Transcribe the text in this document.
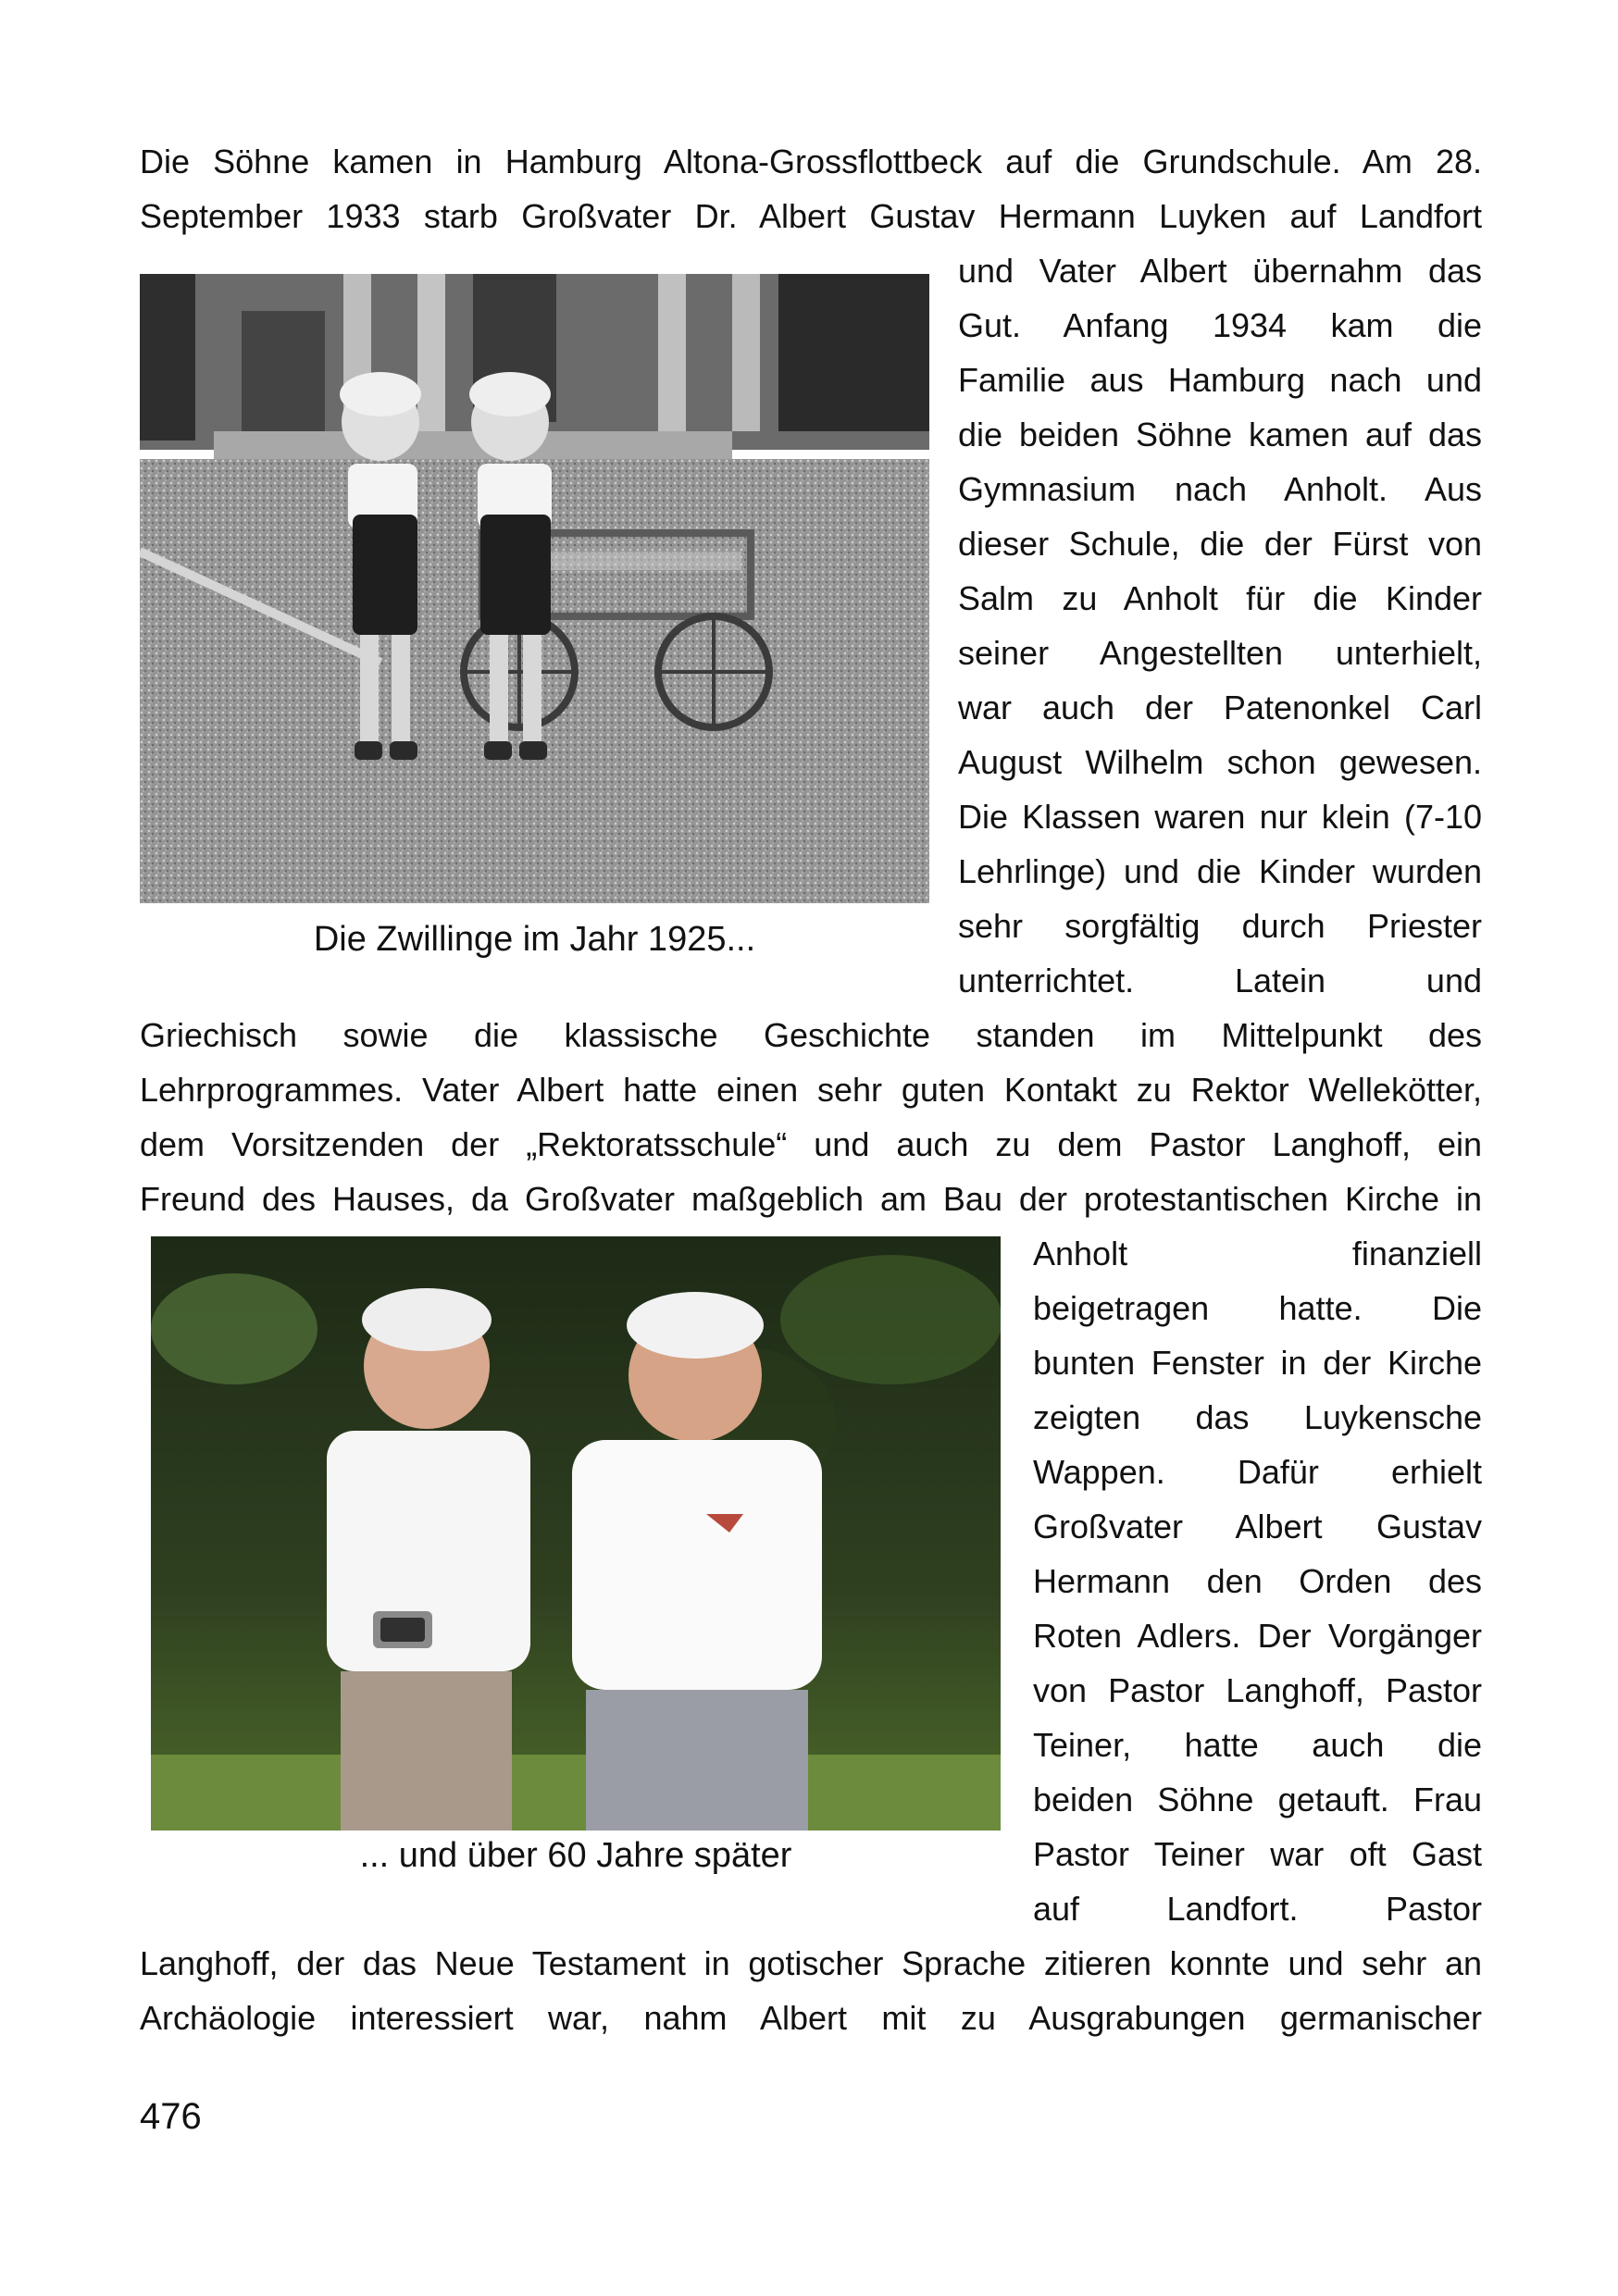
Die Söhne kamen in Hamburg Altona-Grossflottbeck auf die Grundschule. Am 28.
September 1933 starb Großvater Dr. Albert Gustav Hermann Luyken auf Landfort
und Vater Albert übernahm das
Gut. Anfang 1934 kam die
Familie aus Hamburg nach und
die beiden Söhne kamen auf das
Gymnasium nach Anholt. Aus
dieser Schule, die der Fürst von
Salm zu Anholt für die Kinder
seiner Angestellten unterhielt,
war auch der Patenonkel Carl
August Wilhelm schon gewesen.
Die Klassen waren nur klein (7-10
Lehrlinge) und die Kinder wurden
sehr sorgfältig durch Priester
unterrichtet. Latein und
Griechisch sowie die klassische Geschichte standen im Mittelpunkt des
Lehrprogrammes. Vater Albert hatte einen sehr guten Kontakt zu Rektor Wellekötter,
dem Vorsitzenden der „Rektoratsschule“ und auch zu dem Pastor Langhoff, ein
Freund des Hauses, da Großvater maßgeblich am Bau der protestantischen Kirche in
Anholt finanziell
beigetragen hatte. Die
bunten Fenster in der Kirche
zeigten das Luykensche
Wappen. Dafür erhielt
Großvater Albert Gustav
Hermann den Orden des
Roten Adlers. Der Vorgänger
von Pastor Langhoff, Pastor
Teiner, hatte auch die
beiden Söhne getauft. Frau
Pastor Teiner war oft Gast
auf Landfort. Pastor
Langhoff, der das Neue Testament in gotischer Sprache zitieren konnte und sehr an
Archäologie interessiert war, nahm Albert mit zu Ausgrabungen germanischer
Die Zwillinge im Jahr 1925...
... und über 60 Jahre später
476
